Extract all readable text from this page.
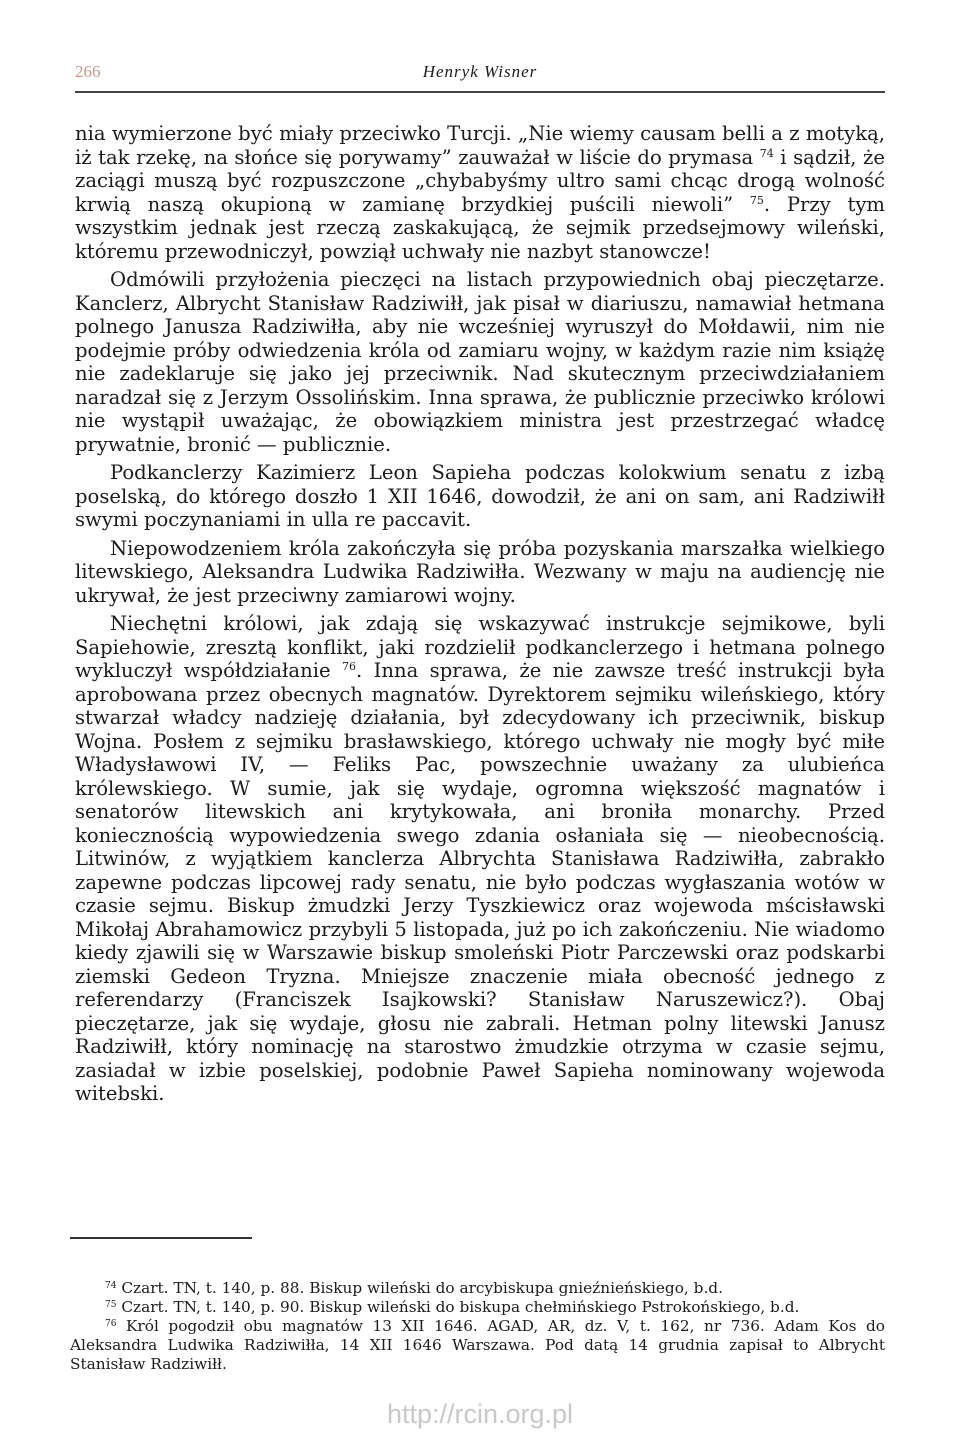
266	Henryk Wisner

nia wymierzone być miały przeciwko Turcji. „Nie wiemy causam belli a z motyką, iż tak rzekę, na słońce się porywamy” zauważał w liście do prymasa $^{74}$ i sądził, że zaciągi muszą być rozpuszczone „chybabyśmy ultro sami chcąc drogą wolność krwią naszą okupioną w zamianę brzydkiej puścili niewoli” $^{75}$. Przy tym wszystkim jednak jest rzeczą zaskakującą, że sejmik przedsejmowy wileński, któremu przewodniczył, powziął uchwały nie nazbyt stanowcze!

Odmówili przyłożenia pieczęci na listach przypowiednich obaj pieczętarze. Kanclerz, Albrycht Stanisław Radziwiłł, jak pisał w diariuszu, namawiał hetmana polnego Janusza Radziwiłła, aby nie wcześniej wyruszył do Mołdawii, nim nie podejmie próby odwiedzenia króla od zamiaru wojny, w każdym razie nim książę nie zadeklaruje się jako jej przeciwnik. Nad skutecznym przeciwdziałaniem naradzał się z Jerzym Ossolińskim. Inna sprawa, że publicznie przeciwko królowi nie wystąpił uważając, że obowiązkiem ministra jest przestrzegać władcę prywatnie, bronić — publicznie.

Podkanclerzy Kazimierz Leon Sapieha podczas kolokwium senatu z izbą poselską, do którego doszło 1 XII 1646, dowodził, że ani on sam, ani Radziwiłł swymi poczynaniami in ulla re paccavit.

Niepowodzeniem króla zakończyła się próba pozyskania marszałka wielkiego litewskiego, Aleksandra Ludwika Radziwiłła. Wezwany w maju na audiencję nie ukrywał, że jest przeciwny zamiarowi wojny.

Niechętni królowi, jak zdają się wskazywać instrukcje sejmikowe, byli Sapiehowie, zresztą konflikt, jaki rozdzielił podkanclerzego i hetmana polnego wykluczył współdziałanie $^{76}$. Inna sprawa, że nie zawsze treść instrukcji była aprobowana przez obecnych magnatów. Dyrektorem sejmiku wileńskiego, który stwarzał władcy nadzieję działania, był zdecydowany ich przeciwnik, biskup Wojna. Posłem z sejmiku brasławskiego, którego uchwały nie mogły być miłe Władysławowi IV, — Feliks Pac, powszechnie uważany za ulubieńca królewskiego. W sumie, jak się wydaje, ogromna większość magnatów i senatorów litewskich ani krytykowała, ani broniła monarchy. Przed koniecznością wypowiedzenia swego zdania osłaniała się — nieobecnością. Litwinów, z wyjątkiem kanclerza Albrychta Stanisława Radziwiłła, zabrakło zapewne podczas lipcowej rady senatu, nie było podczas wygłaszania wotów w czasie sejmu. Biskup żmudzki Jerzy Tyszkiewicz oraz wojewoda mścisławski Mikołaj Abrahamowicz przybyli 5 listopada, już po ich zakończeniu. Nie wiadomo kiedy zjawili się w Warszawie biskup smoleński Piotr Parczewski oraz podskarbi ziemski Gedeon Tryzna. Mniejsze znaczenie miała obecność jednego z referendarzy (Franciszek Isajkowski? Stanisław Naruszewicz?). Obaj pieczętarze, jak się wydaje, głosu nie zabrali. Hetman polny litewski Janusz Radziwiłł, który nominację na starostwo żmudzkie otrzyma w czasie sejmu, zasiadał w izbie poselskiej, podobnie Paweł Sapieha nominowany wojewoda witebski.

$^{74}$ Czart. TN, t. 140, p. 88. Biskup wileński do arcybiskupa gnieźnieńskiego, b.d.

$^{75}$ Czart. TN, t. 140, p. 90. Biskup wileński do biskupa chełmińskiego Pstrokońskiego, b.d.

$^{76}$ Król pogodził obu magnatów 13 XII 1646. AGAD, AR, dz. V, t. 162, nr 736. Adam Kos do Aleksandra Ludwika Radziwiłła, 14 XII 1646 Warszawa. Pod datą 14 grudnia zapisał to Albrycht Stanisław Radziwiłł.

http://rcin.org.pl
